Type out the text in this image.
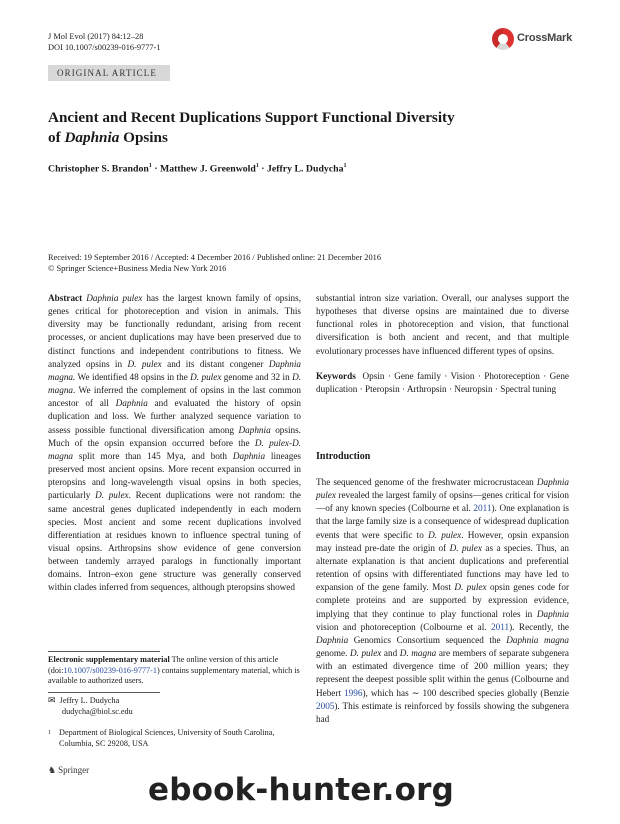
J Mol Evol (2017) 84:12–28
DOI 10.1007/s00239-016-9777-1
CrossMark
ORIGINAL ARTICLE
Ancient and Recent Duplications Support Functional Diversity
of Daphnia Opsins
Christopher S. Brandon$^1$ · Matthew J. Greenwold$^1$ · Jeffry L. Dudycha$^1$
Received: 19 September 2016 / Accepted: 4 December 2016 / Published online: 21 December 2016
© Springer Science+Business Media New York 2016

Abstract Daphnia pulex has the largest known family of opsins, genes critical for photoreception and vision in animals. This diversity may be functionally redundant, arising from recent processes, or ancient duplications may have been preserved due to distinct functions and independent contributions to fitness. We analyzed opsins in D. pulex and its distant congener Daphnia magna. We identified 48 opsins in the D. pulex genome and 32 in D. magna. We inferred the complement of opsins in the last common ancestor of all Daphnia and evaluated the history of opsin duplication and loss. We further analyzed sequence variation to assess possible functional diversification among Daphnia opsins. Much of the opsin expansion occurred before the D. pulex-D. magna split more than 145 Mya, and both Daphnia lineages preserved most ancient opsins. More recent expansion occurred in pteropsins and long-wavelength visual opsins in both species, particularly D. pulex. Recent duplications were not random: the same ancestral genes duplicated independently in each modern species. Most ancient and some recent duplications involved differentiation at residues known to influence spectral tuning of visual opsins. Arthropsins show evidence of gene conversion between tandemly arrayed paralogs in functionally important domains. Intron–exon gene structure was generally conserved within clades inferred from sequences, although pteropsins showed

Electronic supplementary material The online version of this article (doi:10.1007/s00239-016-9777-1) contains supplementary material, which is available to authorized users.
✉ Jeffry L. Dudycha
dudycha@biol.sc.edu
1 Department of Biological Sciences, University of South Carolina, Columbia, SC 29208, USA

substantial intron size variation. Overall, our analyses support the hypotheses that diverse opsins are maintained due to diverse functional roles in photoreception and vision, that functional diversification is both ancient and recent, and that multiple evolutionary processes have influenced different types of opsins.

Keywords Opsin · Gene family · Vision · Photoreception · Gene duplication · Pteropsin · Arthropsin · Neuropsin · Spectral tuning

Introduction

The sequenced genome of the freshwater microcrustacean Daphnia pulex revealed the largest family of opsins—genes critical for vision—of any known species (Colbourne et al. 2011). One explanation is that the large family size is a consequence of widespread duplication events that were specific to D. pulex. However, opsin expansion may instead pre-date the origin of D. pulex as a species. Thus, an alternate explanation is that ancient duplications and preferential retention of opsins with differentiated functions may have led to expansion of the gene family. Most D. pulex opsin genes code for complete proteins and are supported by expression evidence, implying that they continue to play functional roles in Daphnia vision and photoreception (Colbourne et al. 2011). Recently, the Daphnia Genomics Consortium sequenced the Daphnia magna genome. D. pulex and D. magna are members of separate subgenera with an estimated divergence time of 200 million years; they represent the deepest possible split within the genus (Colbourne and Hebert 1996), which has ∼ 100 described species globally (Benzie 2005). This estimate is reinforced by fossils showing the subgenera had

♞ Springer
ebook-hunter.org
